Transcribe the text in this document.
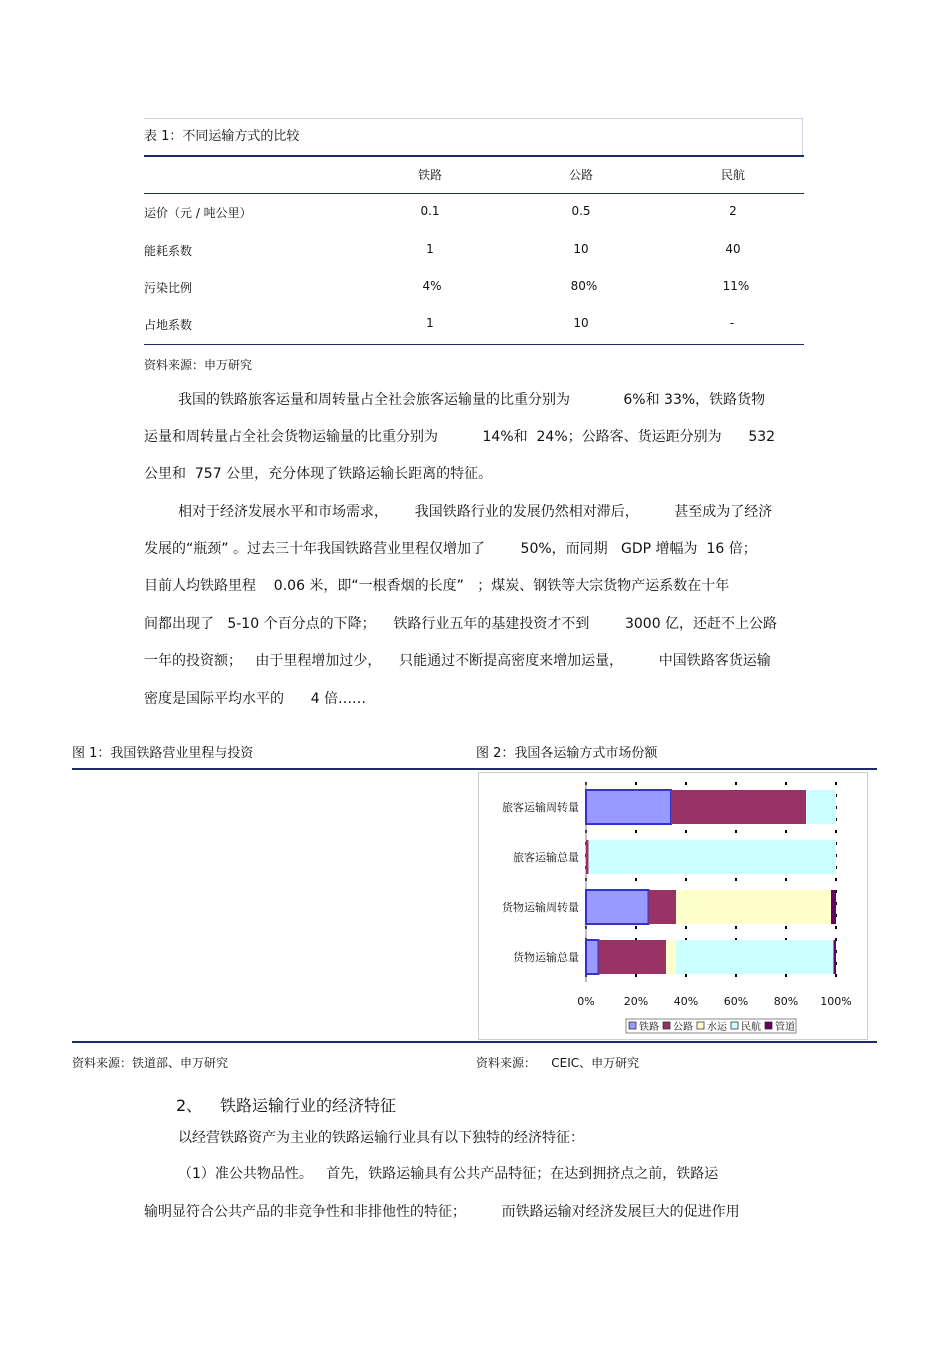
表 1：不同运输方式的比较
铁路	公路	民航
运价（元 / 吨公里）	0.1	0.5	2
能耗系数	1	10	40
污染比例	4%	80%	11%
占地系数	1	10	-
资料来源：申万研究
我国的铁路旅客运量和周转量占全社会旅客运输量的比重分别为            6%和 33%，铁路货物
运量和周转量占全社会货物运输量的比重分别为          14%和  24%；公路客、货运距分别为      532
公里和  757 公里，充分体现了铁路运输长距离的特征。
相对于经济发展水平和市场需求，      我国铁路行业的发展仍然相对滞后，        甚至成为了经济
发展的“瓶颈” 。过去三十年我国铁路营业里程仅增加了        50%，而同期   GDP 增幅为  16 倍；
目前人均铁路里程    0.06 米，即“一根香烟的长度”   ；煤炭、钢铁等大宗货物产运系数在十年
间都出现了   5-10 个百分点的下降；    铁路行业五年的基建投资才不到        3000 亿，还赶不上公路
一年的投资额；   由于里程增加过少，    只能通过不断提高密度来增加运量，        中国铁路客货运输
密度是国际平均水平的      4 倍……
图 1：我国铁路营业里程与投资	图 2：我国各运输方式市场份额
旅客运输周转量
旅客运输总量
货物运输周转量
货物运输总量
0%	20% 40% 60% 80% 100%
铁路 公路 水运 民航 管道
资料来源：铁道部、申万研究	资料来源：    CEIC、申万研究
2、 铁路运输行业的经济特征
以经营铁路资产为主业的铁路运输行业具有以下独特的经济特征：
（1）准公共物品性。   首先，铁路运输具有公共产品特征；在达到拥挤点之前，铁路运
输明显符合公共产品的非竞争性和非排他性的特征；        而铁路运输对经济发展巨大的促进作用
